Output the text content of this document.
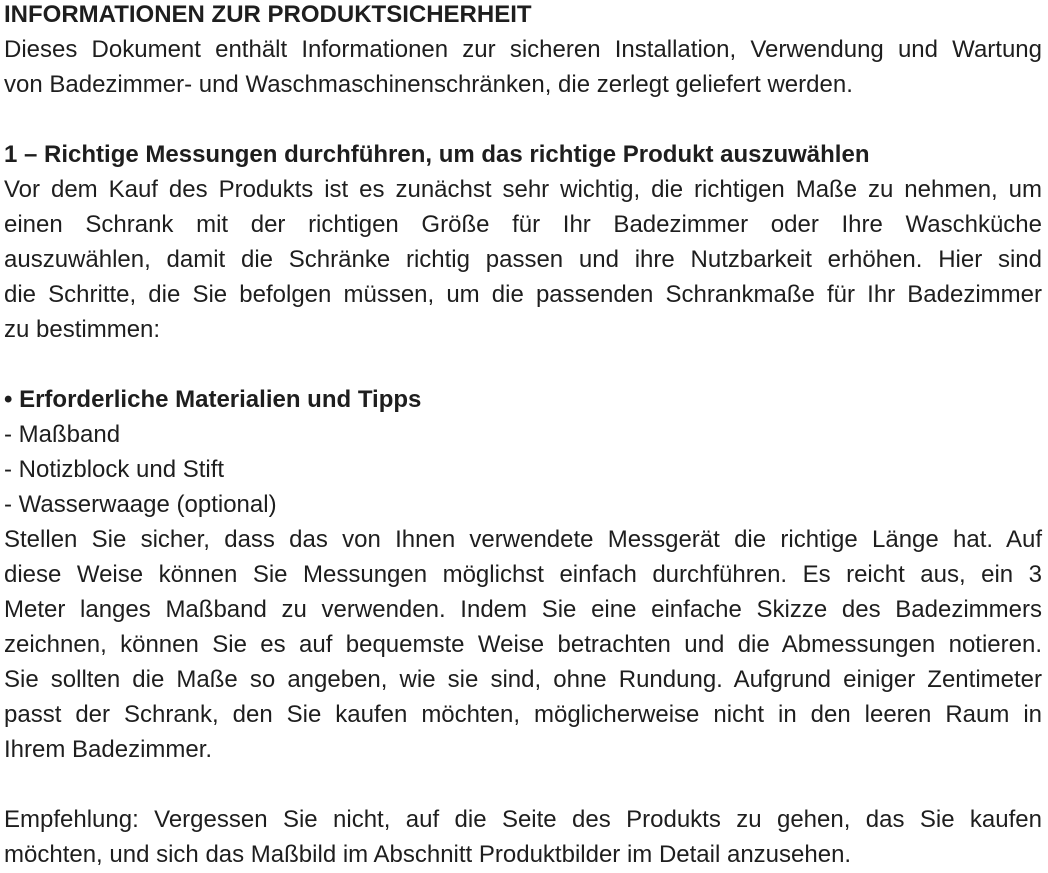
INFORMATIONEN ZUR PRODUKTSICHERHEIT
Dieses Dokument enthält Informationen zur sicheren Installation, Verwendung und Wartung
von Badezimmer- und Waschmaschinenschränken, die zerlegt geliefert werden.
1 – Richtige Messungen durchführen, um das richtige Produkt auszuwählen
Vor dem Kauf des Produkts ist es zunächst sehr wichtig, die richtigen Maße zu nehmen, um
einen Schrank mit der richtigen Größe für Ihr Badezimmer oder Ihre Waschküche
auszuwählen, damit die Schränke richtig passen und ihre Nutzbarkeit erhöhen. Hier sind
die Schritte, die Sie befolgen müssen, um die passenden Schrankmaße für Ihr Badezimmer
zu bestimmen:
• Erforderliche Materialien und Tipps
- Maßband
- Notizblock und Stift
- Wasserwaage (optional)
Stellen Sie sicher, dass das von Ihnen verwendete Messgerät die richtige Länge hat. Auf
diese Weise können Sie Messungen möglichst einfach durchführen. Es reicht aus, ein 3
Meter langes Maßband zu verwenden. Indem Sie eine einfache Skizze des Badezimmers
zeichnen, können Sie es auf bequemste Weise betrachten und die Abmessungen notieren.
Sie sollten die Maße so angeben, wie sie sind, ohne Rundung. Aufgrund einiger Zentimeter
passt der Schrank, den Sie kaufen möchten, möglicherweise nicht in den leeren Raum in
Ihrem Badezimmer.
Empfehlung: Vergessen Sie nicht, auf die Seite des Produkts zu gehen, das Sie kaufen
möchten, und sich das Maßbild im Abschnitt Produktbilder im Detail anzusehen.
